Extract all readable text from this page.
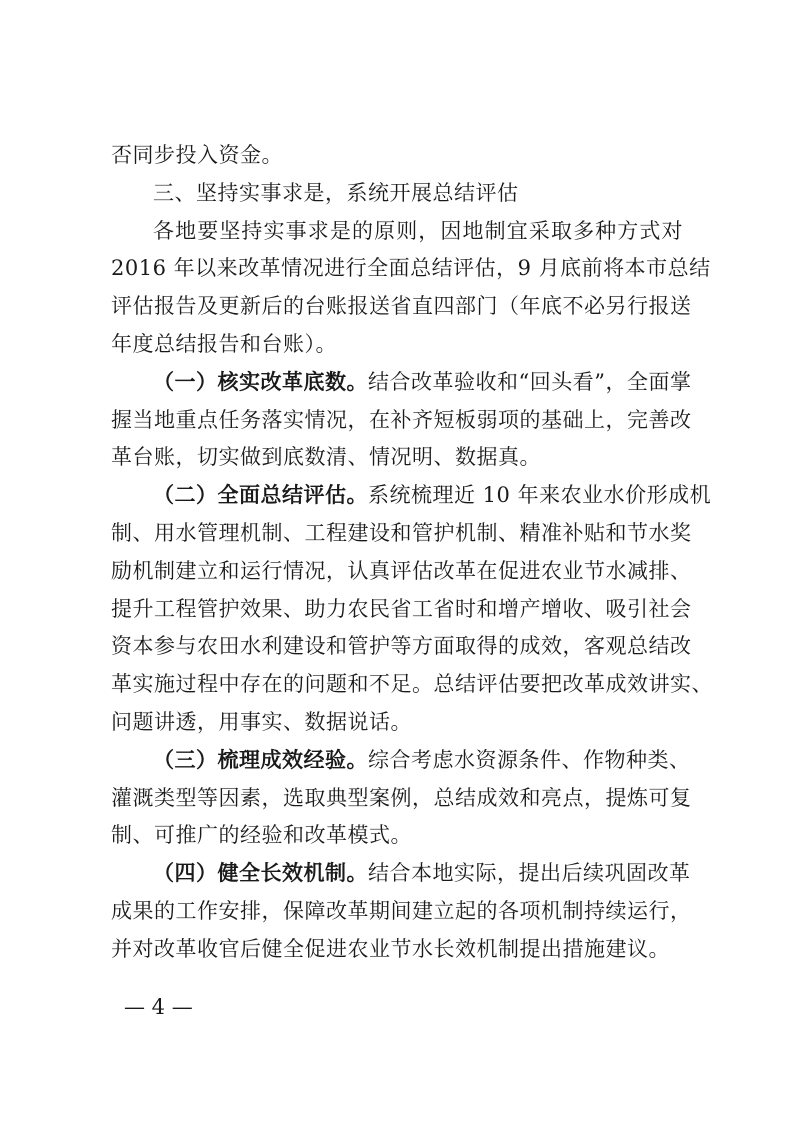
否同步投入资金。
三、坚持实事求是，系统开展总结评估
各地要坚持实事求是的原则，因地制宜采取多种方式对
2016 年以来改革情况进行全面总结评估，9 月底前将本市总结
评估报告及更新后的台账报送省直四部门（年底不必另行报送
年度总结报告和台账）。
（一）核实改革底数。结合改革验收和“回头看”，全面掌
握当地重点任务落实情况，在补齐短板弱项的基础上，完善改
革台账，切实做到底数清、情况明、数据真。
（二）全面总结评估。系统梳理近 10 年来农业水价形成机
制、用水管理机制、工程建设和管护机制、精准补贴和节水奖
励机制建立和运行情况，认真评估改革在促进农业节水减排、
提升工程管护效果、助力农民省工省时和增产增收、吸引社会
资本参与农田水利建设和管护等方面取得的成效，客观总结改
革实施过程中存在的问题和不足。总结评估要把改革成效讲实、
问题讲透，用事实、数据说话。
（三）梳理成效经验。综合考虑水资源条件、作物种类、
灌溉类型等因素，选取典型案例，总结成效和亮点，提炼可复
制、可推广的经验和改革模式。
（四）健全长效机制。结合本地实际，提出后续巩固改革
成果的工作安排，保障改革期间建立起的各项机制持续运行，
并对改革收官后健全促进农业节水长效机制提出措施建议。
— 4 —
